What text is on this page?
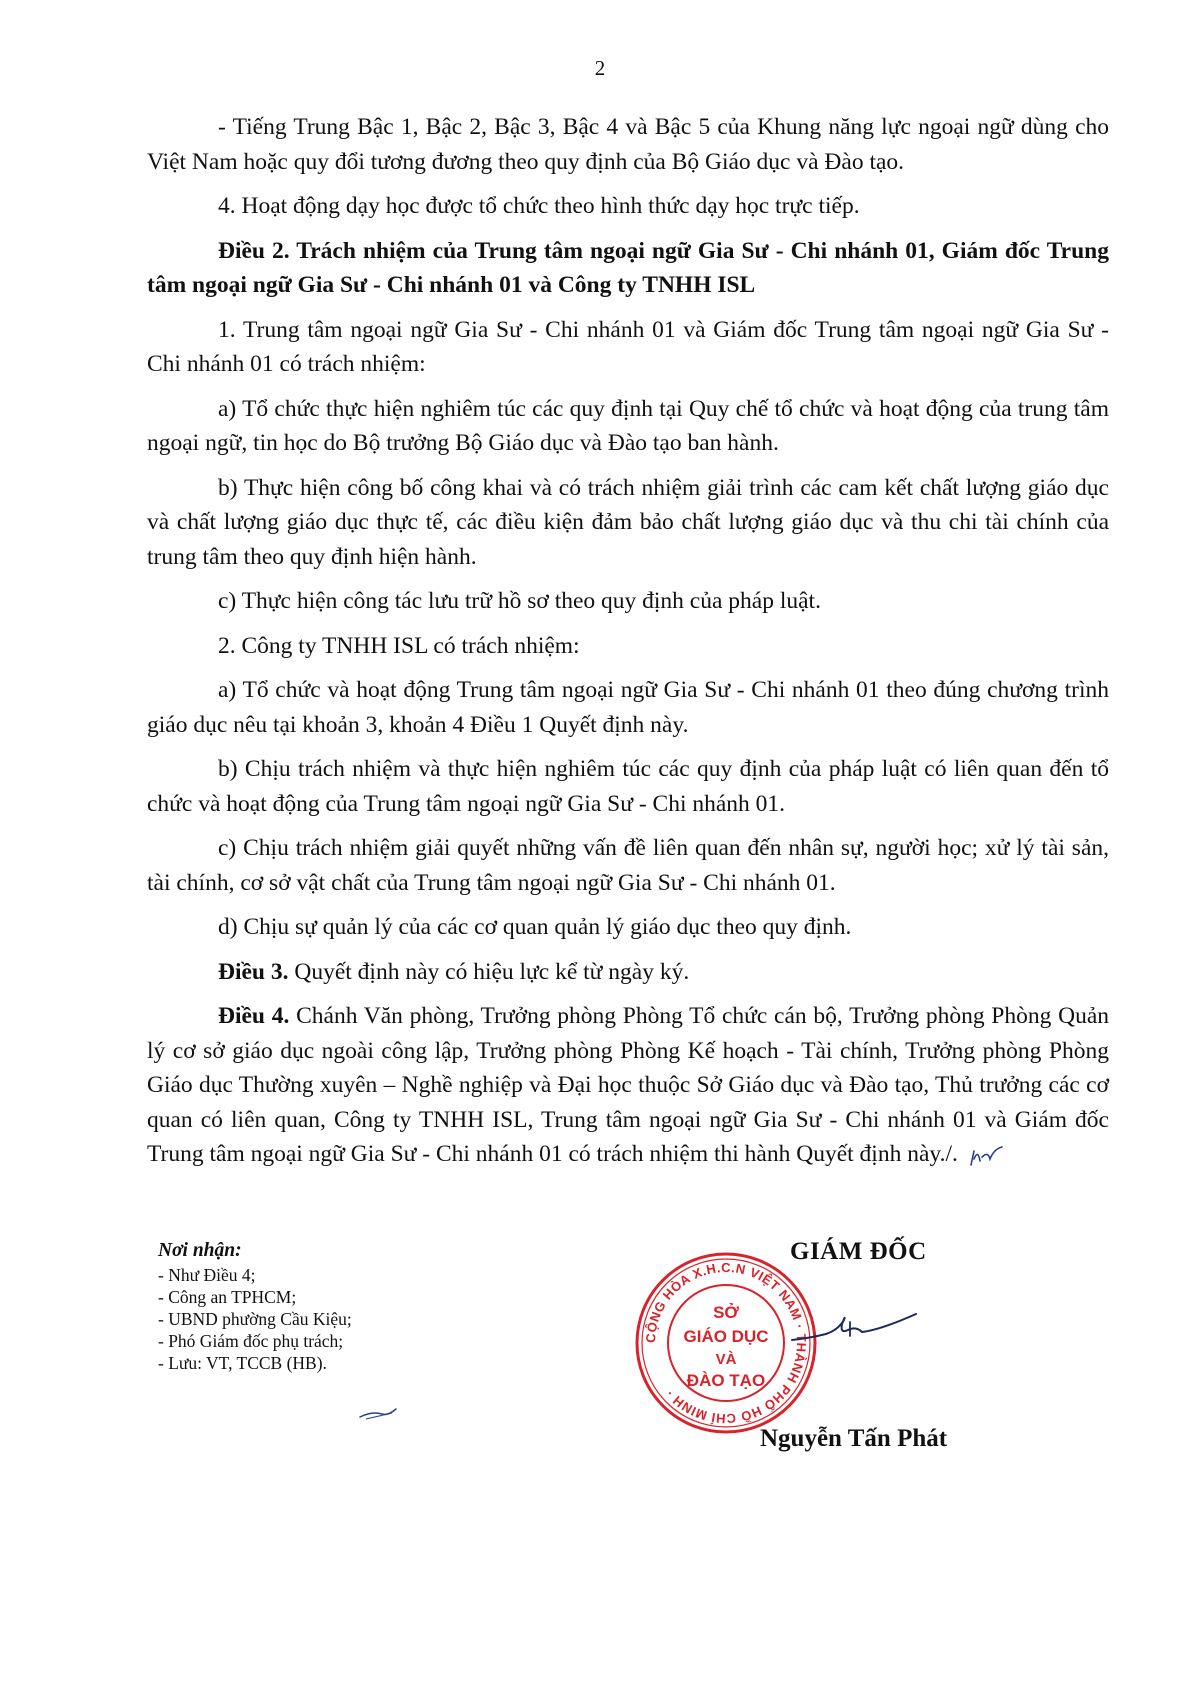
2

- Tiếng Trung Bậc 1, Bậc 2, Bậc 3, Bậc 4 và Bậc 5 của Khung năng lực ngoại ngữ dùng cho Việt Nam hoặc quy đổi tương đương theo quy định của Bộ Giáo dục và Đào tạo.

4. Hoạt động dạy học được tổ chức theo hình thức dạy học trực tiếp.

Điều 2. Trách nhiệm của Trung tâm ngoại ngữ Gia Sư - Chi nhánh 01, Giám đốc Trung tâm ngoại ngữ Gia Sư - Chi nhánh 01 và Công ty TNHH ISL

1. Trung tâm ngoại ngữ Gia Sư - Chi nhánh 01 và Giám đốc Trung tâm ngoại ngữ Gia Sư - Chi nhánh 01 có trách nhiệm:

a) Tổ chức thực hiện nghiêm túc các quy định tại Quy chế tổ chức và hoạt động của trung tâm ngoại ngữ, tin học do Bộ trưởng Bộ Giáo dục và Đào tạo ban hành.

b) Thực hiện công bố công khai và có trách nhiệm giải trình các cam kết chất lượng giáo dục và chất lượng giáo dục thực tế, các điều kiện đảm bảo chất lượng giáo dục và thu chi tài chính của trung tâm theo quy định hiện hành.

c) Thực hiện công tác lưu trữ hồ sơ theo quy định của pháp luật.

2. Công ty TNHH ISL có trách nhiệm:

a) Tổ chức và hoạt động Trung tâm ngoại ngữ Gia Sư - Chi nhánh 01 theo đúng chương trình giáo dục nêu tại khoản 3, khoản 4 Điều 1 Quyết định này.

b) Chịu trách nhiệm và thực hiện nghiêm túc các quy định của pháp luật có liên quan đến tổ chức và hoạt động của Trung tâm ngoại ngữ Gia Sư - Chi nhánh 01.

c) Chịu trách nhiệm giải quyết những vấn đề liên quan đến nhân sự, người học; xử lý tài sản, tài chính, cơ sở vật chất của Trung tâm ngoại ngữ Gia Sư - Chi nhánh 01.

d) Chịu sự quản lý của các cơ quan quản lý giáo dục theo quy định.

Điều 3. Quyết định này có hiệu lực kể từ ngày ký.

Điều 4. Chánh Văn phòng, Trưởng phòng Phòng Tổ chức cán bộ, Trưởng phòng Phòng Quản lý cơ sở giáo dục ngoài công lập, Trưởng phòng Phòng Kế hoạch - Tài chính, Trưởng phòng Phòng Giáo dục Thường xuyên – Nghề nghiệp và Đại học thuộc Sở Giáo dục và Đào tạo, Thủ trưởng các cơ quan có liên quan, Công ty TNHH ISL, Trung tâm ngoại ngữ Gia Sư - Chi nhánh 01 và Giám đốc Trung tâm ngoại ngữ Gia Sư - Chi nhánh 01 có trách nhiệm thi hành Quyết định này./.

Nơi nhận:
- Như Điều 4;
- Công an TPHCM;
- UBND phường Cầu Kiệu;
- Phó Giám đốc phụ trách;
- Lưu: VT, TCCB (HB).
GIÁM ĐỐC
CỘNG HÒA X.H.C.N VIỆT NAM · THÀNH PHỐ HỒ CHÍ MINH ·
SỞ
GIÁO DỤC
VÀ
ĐÀO TẠO
Nguyễn Tấn Phát
